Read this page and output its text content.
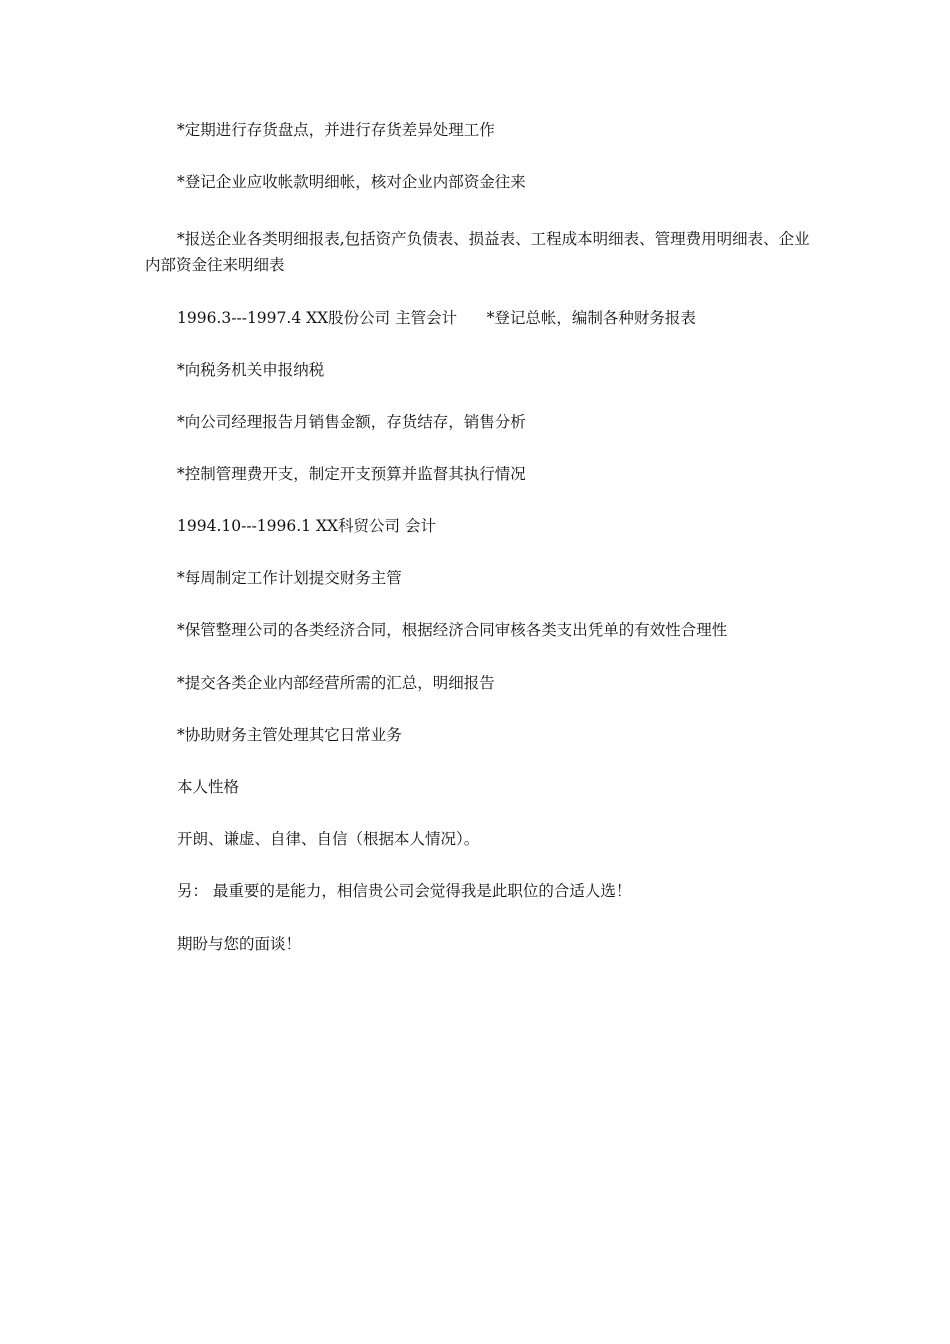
*定期进行存货盘点，并进行存货差异处理工作

*登记企业应收帐款明细帐，核对企业内部资金往来

*报送企业各类明细报表,包括资产负债表、损益表、工程成本明细表、管理费用明细表、企业内部资金往来明细表

1996.3---1997.4 XX股份公司 主管会计      *登记总帐，编制各种财务报表

*向税务机关申报纳税

*向公司经理报告月销售金额，存货结存，销售分析

*控制管理费开支，制定开支预算并监督其执行情况

1994.10---1996.1 XX科贸公司 会计

*每周制定工作计划提交财务主管

*保管整理公司的各类经济合同，根据经济合同审核各类支出凭单的有效性合理性

*提交各类企业内部经营所需的汇总，明细报告

*协助财务主管处理其它日常业务

本人性格

开朗、谦虚、自律、自信（根据本人情况）。

另： 最重要的是能力，相信贵公司会觉得我是此职位的合适人选！

期盼与您的面谈！
